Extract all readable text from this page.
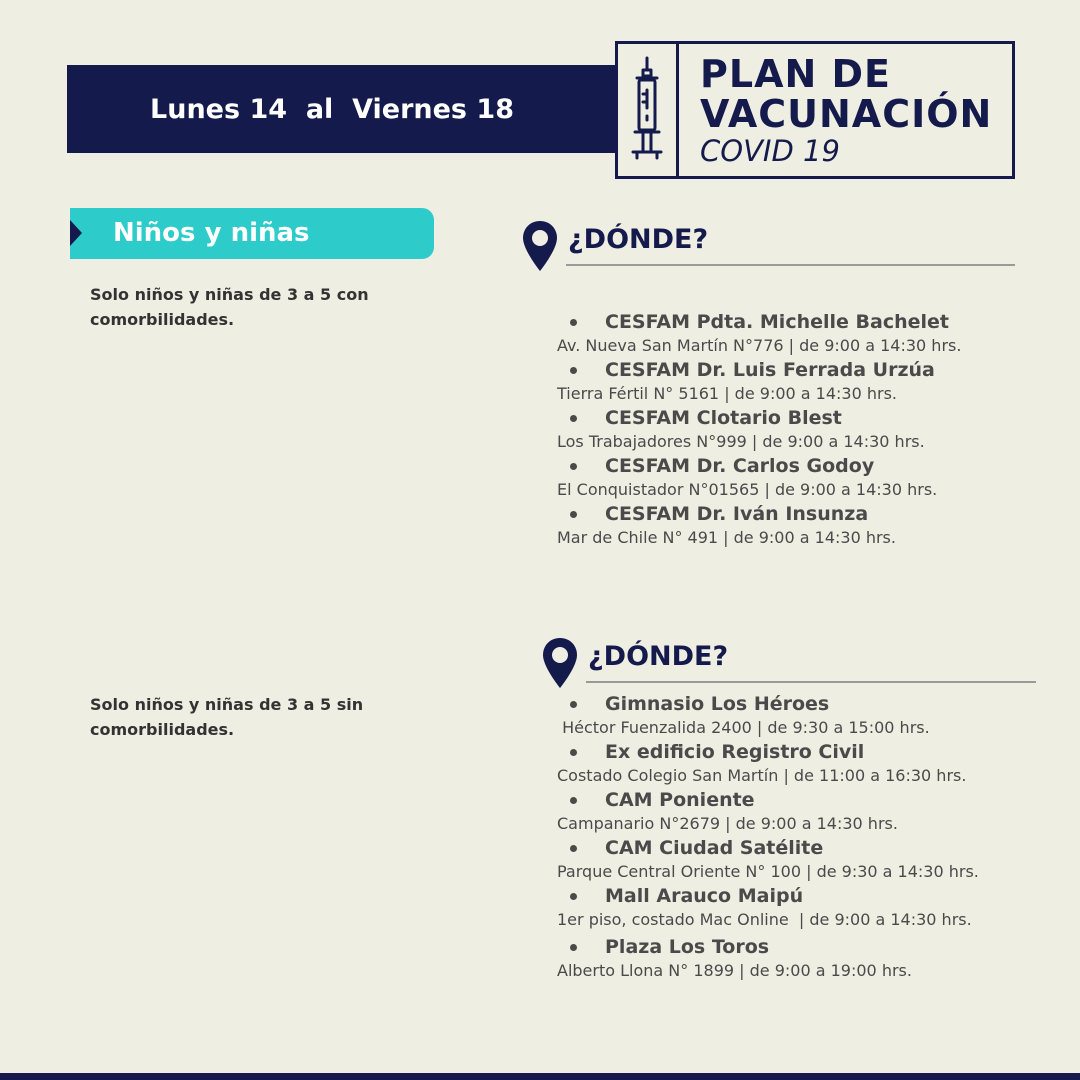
Lunes 14  al  Viernes 18
PLAN DE
VACUNACIÓN
COVID 19
Niños y niñas
Solo niños y niñas de 3 a 5 con comorbilidades.
¿DÓNDE?
CESFAM Pdta. Michelle Bachelet
Av. Nueva San Martín N°776 | de 9:00 a 14:30 hrs.
CESFAM Dr. Luis Ferrada Urzúa
Tierra Fértil N° 5161 | de 9:00 a 14:30 hrs.
CESFAM Clotario Blest
Los Trabajadores N°999 | de 9:00 a 14:30 hrs.
CESFAM Dr. Carlos Godoy
El Conquistador N°01565 | de 9:00 a 14:30 hrs.
CESFAM Dr. Iván Insunza
Mar de Chile N° 491 | de 9:00 a 14:30 hrs.
Solo niños y niñas de 3 a 5 sin comorbilidades.
¿DÓNDE?
Gimnasio Los Héroes
Héctor Fuenzalida 2400 | de 9:30 a 15:00 hrs.
Ex edificio Registro Civil
Costado Colegio San Martín | de 11:00 a 16:30 hrs.
CAM Poniente
Campanario N°2679 | de 9:00 a 14:30 hrs.
CAM Ciudad Satélite
Parque Central Oriente N° 100 | de 9:30 a 14:30 hrs.
Mall Arauco Maipú
1er piso, costado Mac Online  | de 9:00 a 14:30 hrs.
Plaza Los Toros
Alberto Llona N° 1899 | de 9:00 a 19:00 hrs.
